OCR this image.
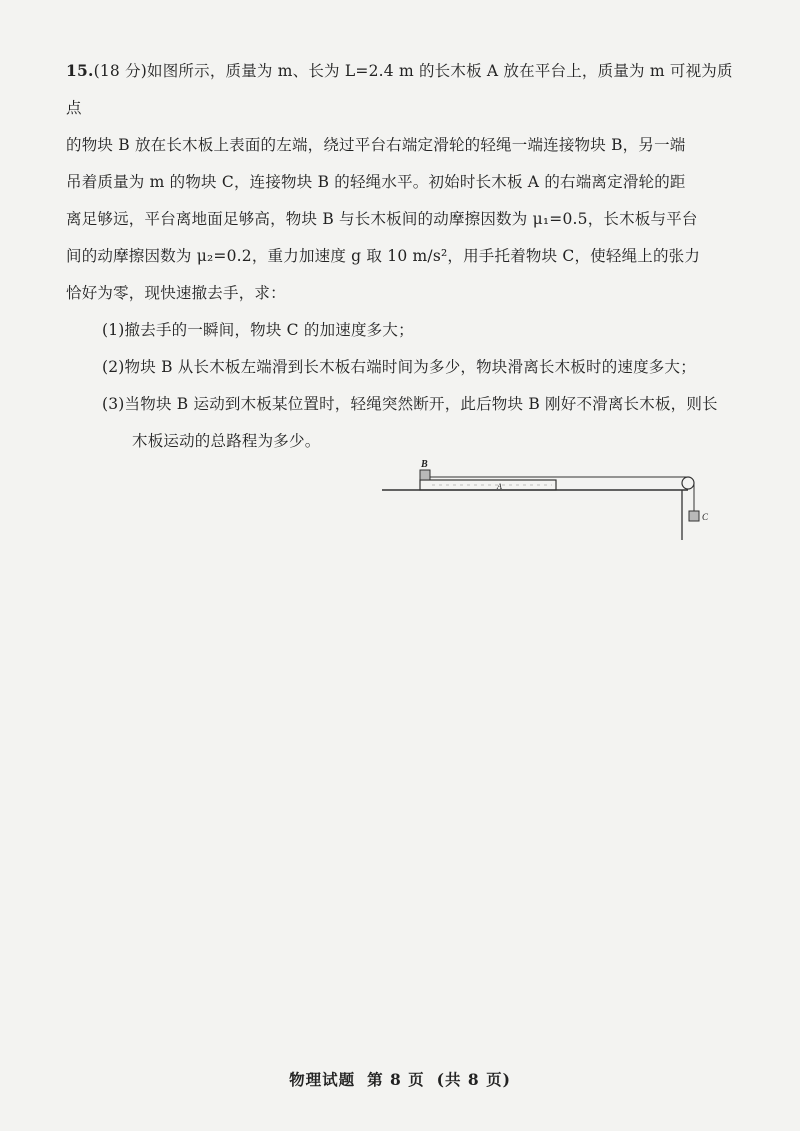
15.(18 分)如图所示，质量为 m、长为 L=2.4 m 的长木板 A 放在平台上，质量为 m 可视为质点

的物块 B 放在长木板上表面的左端，绕过平台右端定滑轮的轻绳一端连接物块 B，另一端

吊着质量为 m 的物块 C，连接物块 B 的轻绳水平。初始时长木板 A 的右端离定滑轮的距

离足够远，平台离地面足够高，物块 B 与长木板间的动摩擦因数为 μ₁=0.5，长木板与平台

间的动摩擦因数为 μ₂=0.2，重力加速度 g 取 10 m/s²，用手托着物块 C，使轻绳上的张力

恰好为零，现快速撤去手，求：

(1)撤去手的一瞬间，物块 C 的加速度多大；

(2)物块 B 从长木板左端滑到长木板右端时间为多少，物块滑离长木板时的速度多大；

(3)当物块 B 运动到木板某位置时，轻绳突然断开，此后物块 B 刚好不滑离长木板，则长

木板运动的总路程为多少。

A
B
C
物理试题 第 8 页 (共 8 页)
